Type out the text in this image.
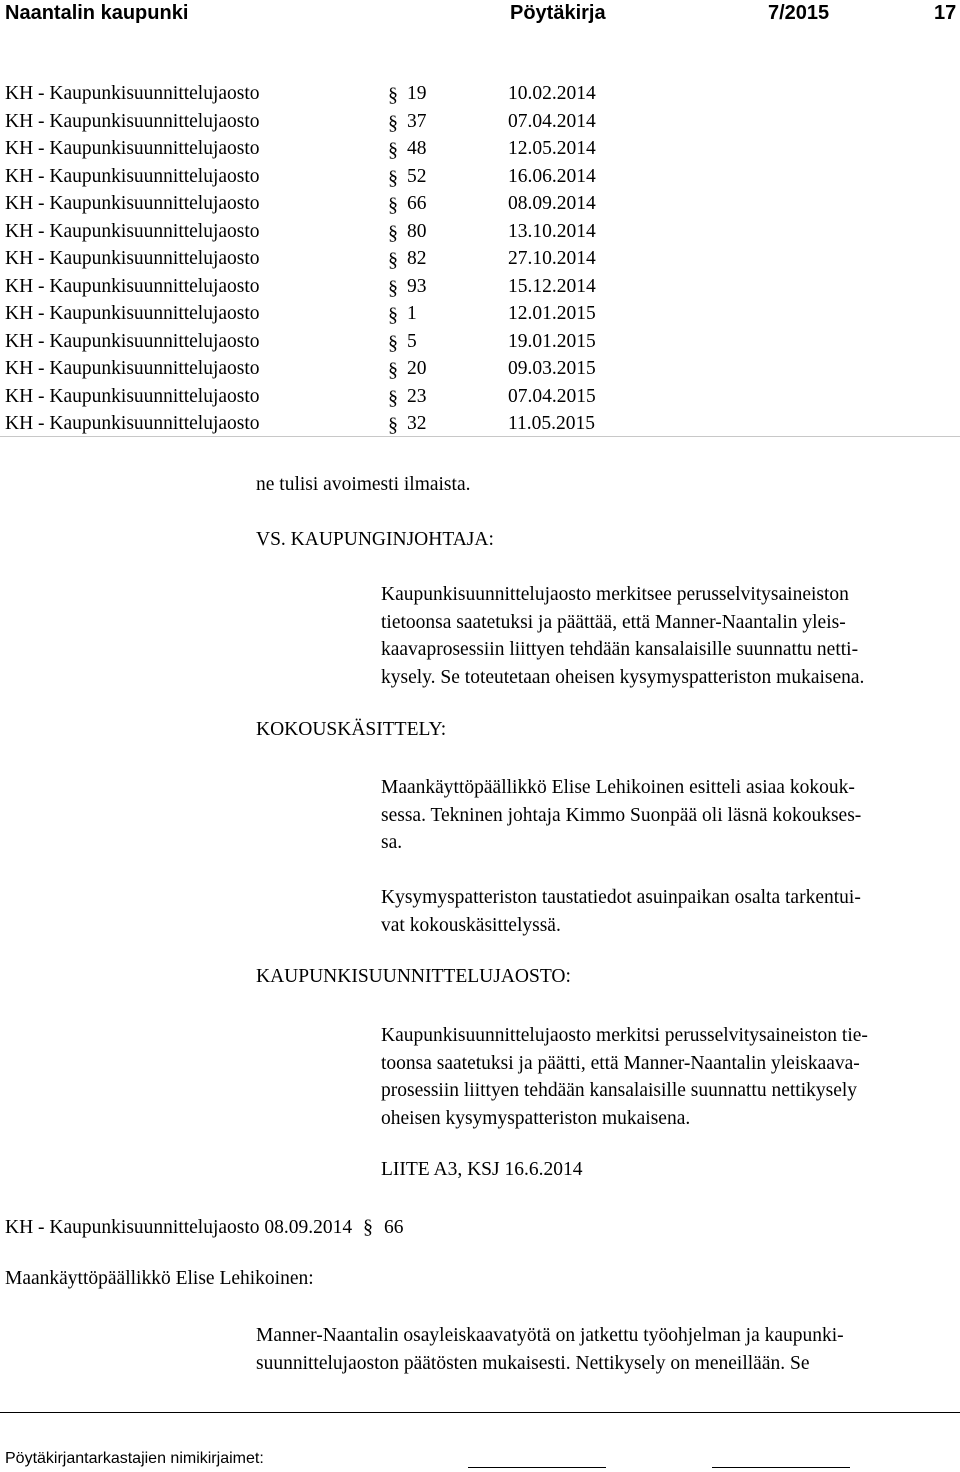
Naantalin kaupunki	Pöytäkirja	7/2015	17
KH - Kaupunkisuunnittelujaosto	§ 19	10.02.2014
KH - Kaupunkisuunnittelujaosto	§ 37	07.04.2014
KH - Kaupunkisuunnittelujaosto	§ 48	12.05.2014
KH - Kaupunkisuunnittelujaosto	§ 52	16.06.2014
KH - Kaupunkisuunnittelujaosto	§ 66	08.09.2014
KH - Kaupunkisuunnittelujaosto	§ 80	13.10.2014
KH - Kaupunkisuunnittelujaosto	§ 82	27.10.2014
KH - Kaupunkisuunnittelujaosto	§ 93	15.12.2014
KH - Kaupunkisuunnittelujaosto	§ 1	12.01.2015
KH - Kaupunkisuunnittelujaosto	§ 5	19.01.2015
KH - Kaupunkisuunnittelujaosto	§ 20	09.03.2015
KH - Kaupunkisuunnittelujaosto	§ 23	07.04.2015
KH - Kaupunkisuunnittelujaosto	§ 32	11.05.2015
ne tulisi avoimesti ilmaista.
VS. KAUPUNGINJOHTAJA:

Kaupunkisuunnittelujaosto merkitsee perusselvitysaineiston

tietoonsa saatetuksi ja päättää, että Manner-Naantalin yleis-

kaavaprosessiin liittyen tehdään kansalaisille suunnattu netti-

kysely. Se toteutetaan oheisen kysymyspatteriston mukaisena.

KOKOUSKÄSITTELY:

Maankäyttöpäällikkö Elise Lehikoinen esitteli asiaa kokouk-

sessa. Tekninen johtaja Kimmo Suonpää oli läsnä kokoukses-

sa.

Kysymyspatteriston taustatiedot asuinpaikan osalta tarkentui-

vat kokouskäsittelyssä.

KAUPUNKISUUNNITTELUJAOSTO:

Kaupunkisuunnittelujaosto merkitsi perusselvitysaineiston tie-

toonsa saatetuksi ja päätti, että Manner-Naantalin yleiskaava-

prosessiin liittyen tehdään kansalaisille suunnattu nettikysely

oheisen kysymyspatteriston mukaisena.

LIITE A3, KSJ 16.6.2014
KH - Kaupunkisuunnittelujaosto 08.09.2014 § 66
Maankäyttöpäällikkö Elise Lehikoinen:

Manner-Naantalin osayleiskaavatyötä on jatkettu työohjelman ja kaupunki-

suunnittelujaoston päätösten mukaisesti. Nettikysely on meneillään. Se

Pöytäkirjantarkastajien nimikirjaimet:
